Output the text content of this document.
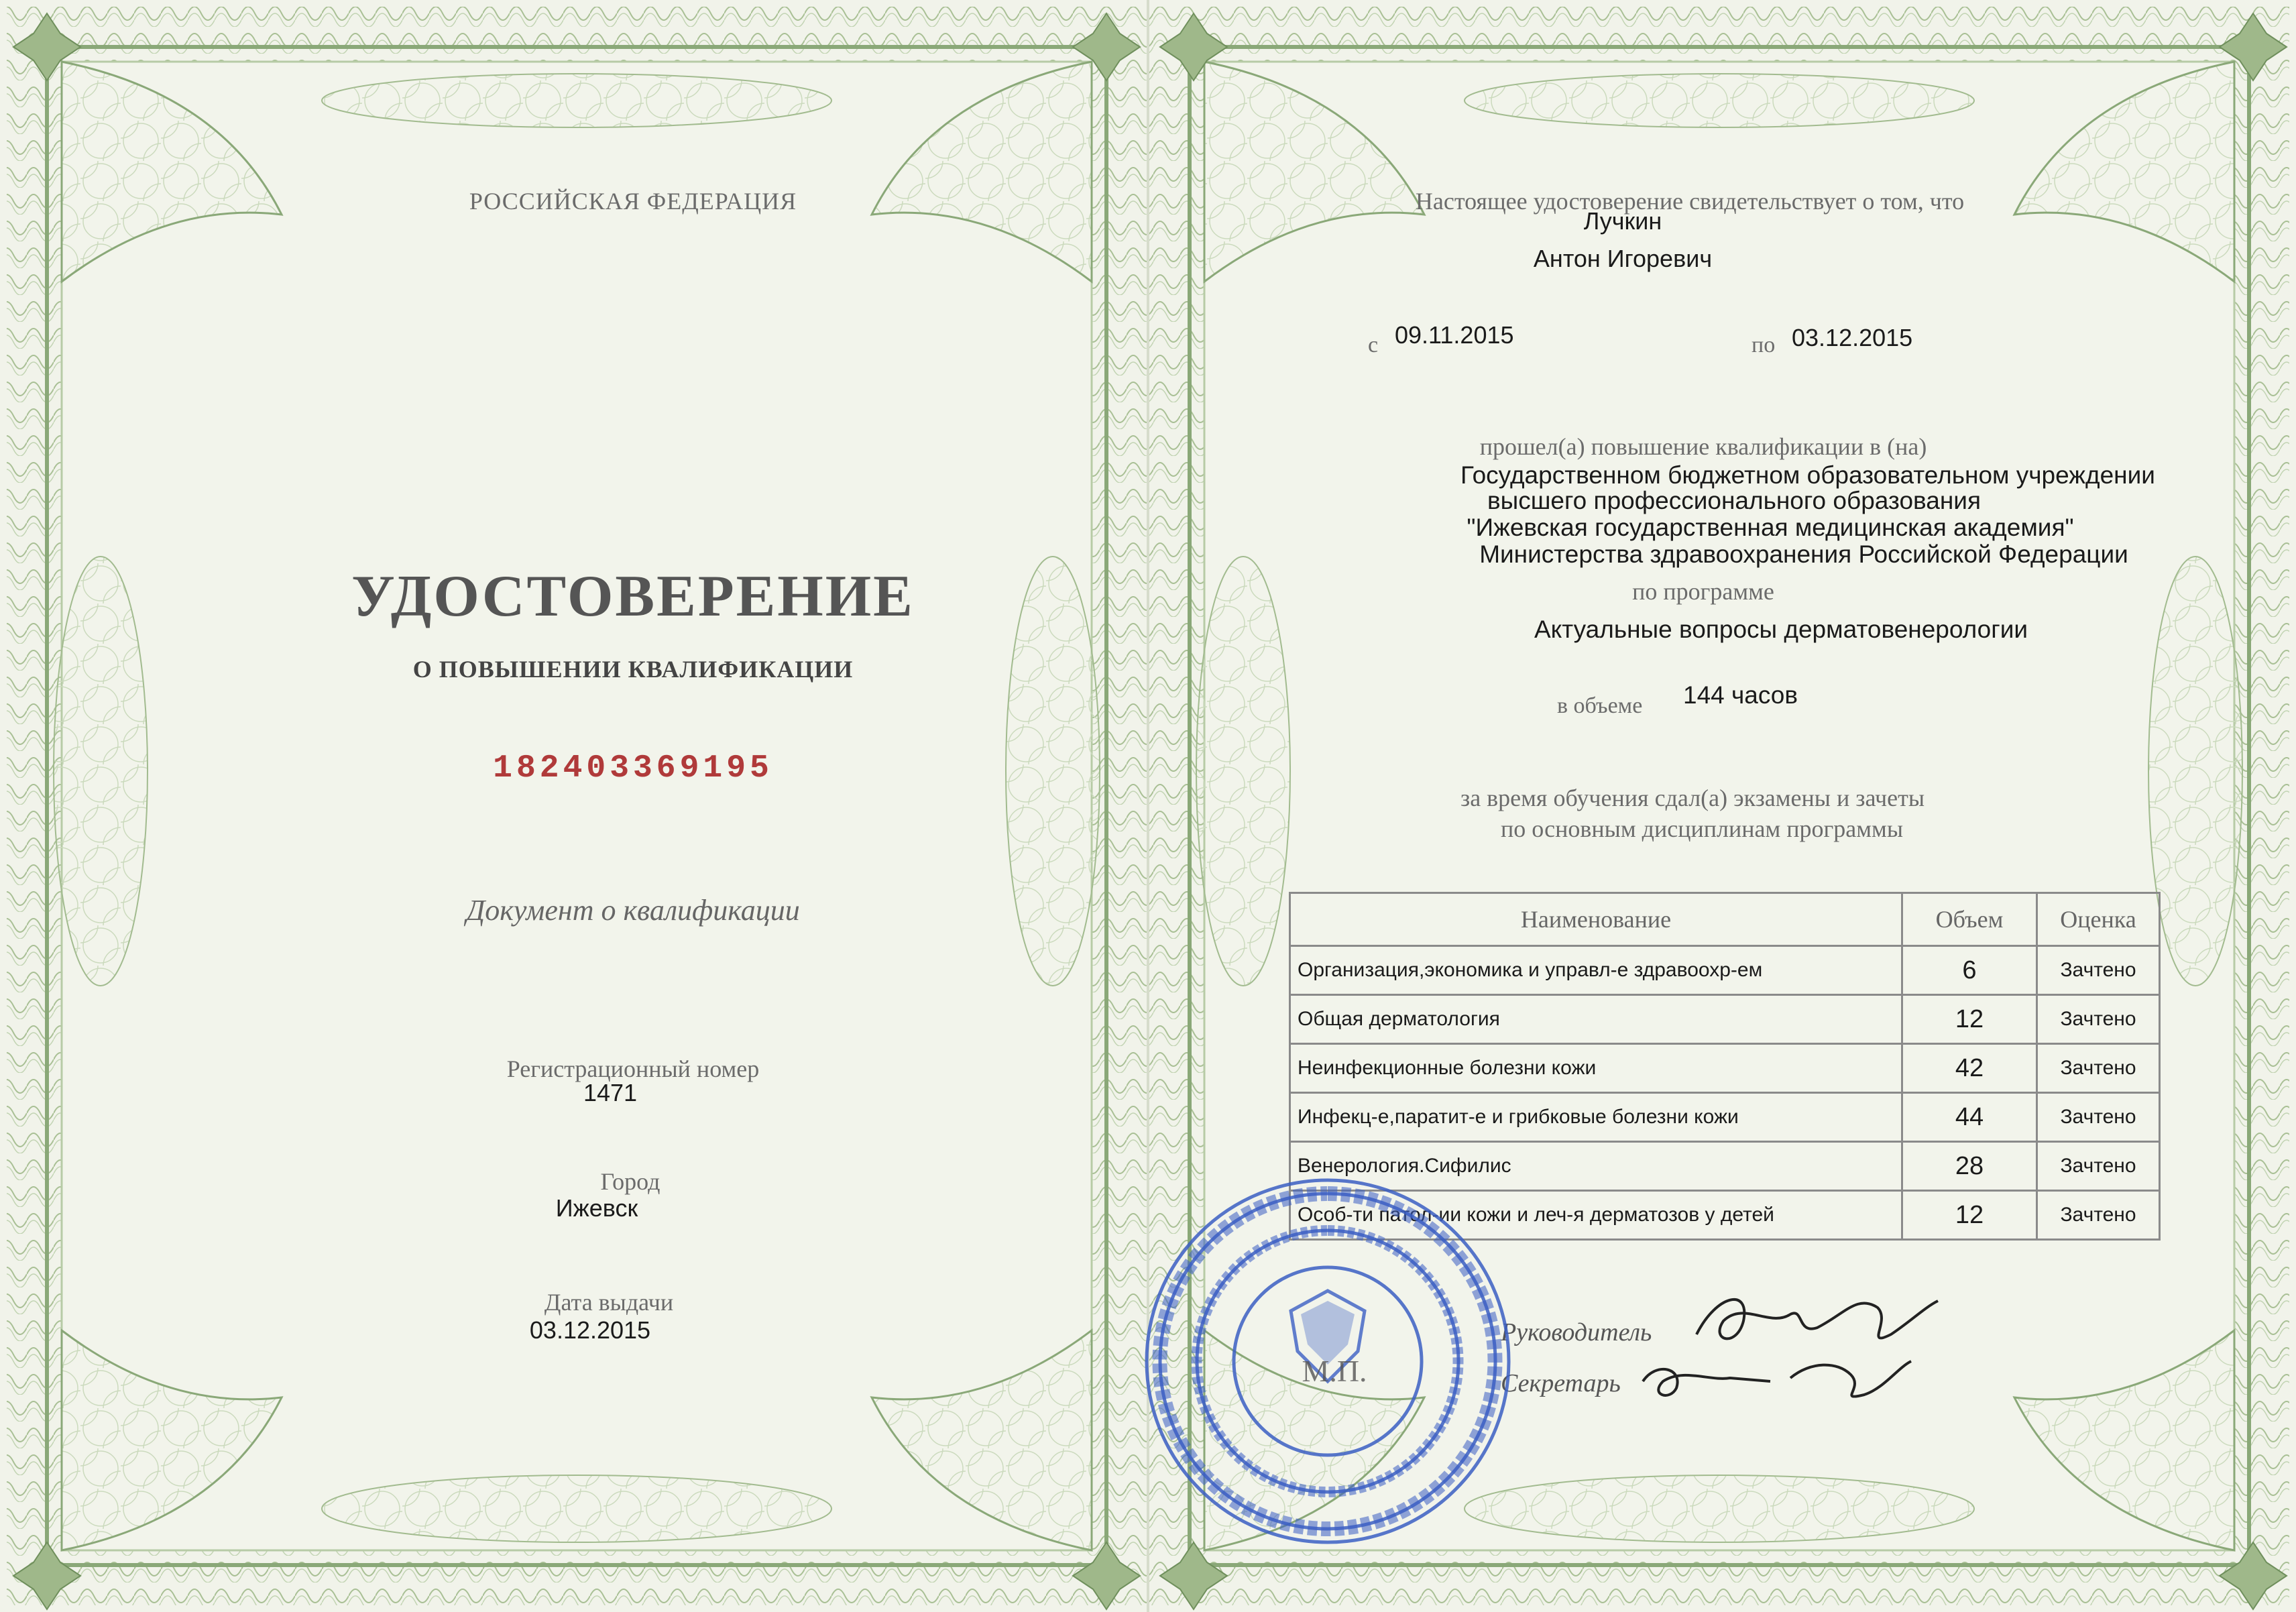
РОССИЙСКАЯ ФЕДЕРАЦИЯ
УДОСТОВЕРЕНИЕ
О ПОВЫШЕНИИ КВАЛИФИКАЦИИ
182403369195
Документ о квалификации
Регистрационный номер
1471
Город
Ижевск
Дата выдачи
03.12.2015
Настоящее удостоверение свидетельствует о том, что
Лучкин
Антон Игоревич
с 09.11.2015	по 03.12.2015
прошел(а) повышение квалификации в (на)
Государственном бюджетном образовательном учреждении
высшего профессионального образования
"Ижевская государственная медицинская академия"
Министерства здравоохранения Российской Федерации
по программе
Актуальные вопросы дерматовенерологии
в объеме 144 часов
за время обучения сдал(а) экзамены и зачеты
по основным дисциплинам программы
Наименование	Объем	Оценка
Организация,экономика и управл-е здравоохр-ем	6	Зачтено
Общая дерматология	12	Зачтено
Неинфекционные болезни кожи	42	Зачтено
Инфекц-е,паратит-е и грибковые болезни кожи	44	Зачтено
Венерология.Сифилис	28	Зачтено
Особ-ти патол-ии кожи и леч-я дерматозов у детей	12	Зачтено
Руководитель
Секретарь
М.П.
